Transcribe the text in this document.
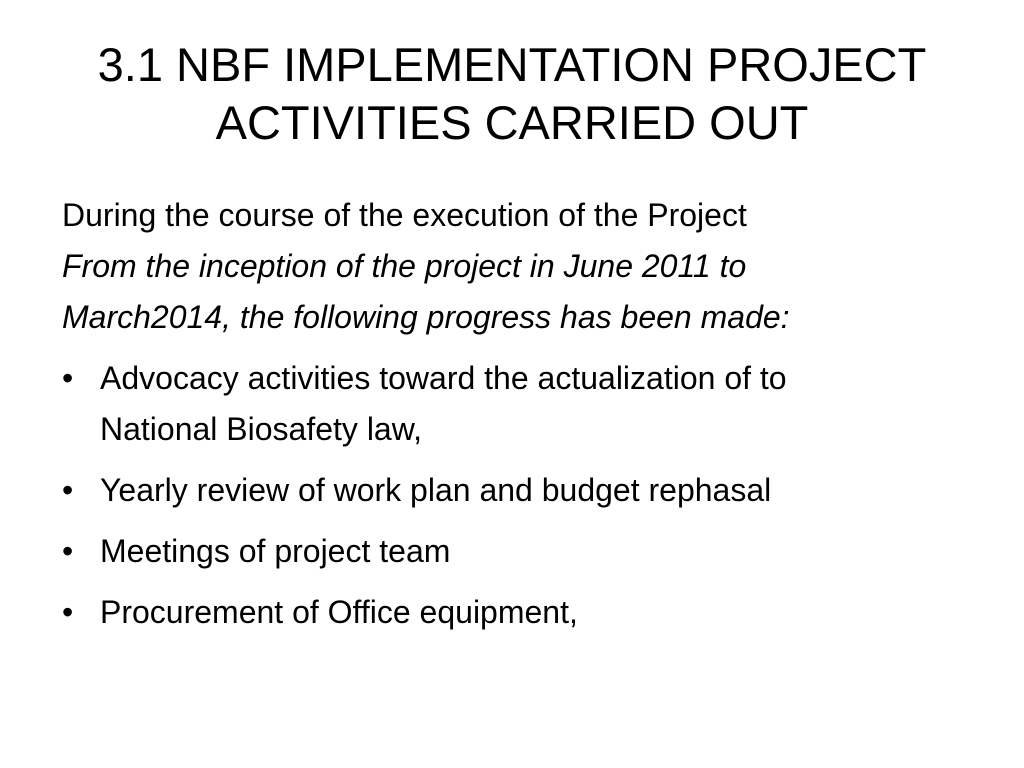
3.1 NBF IMPLEMENTATION PROJECT
ACTIVITIES CARRIED OUT

During the course of the execution of the Project

From the inception of the project in June 2011 to

March2014, the following progress has been made:

• Advocacy activities toward the actualization of to
National Biosafety law,
• Yearly review of work plan and budget rephasal
• Meetings of project team
• Procurement of Office equipment,
